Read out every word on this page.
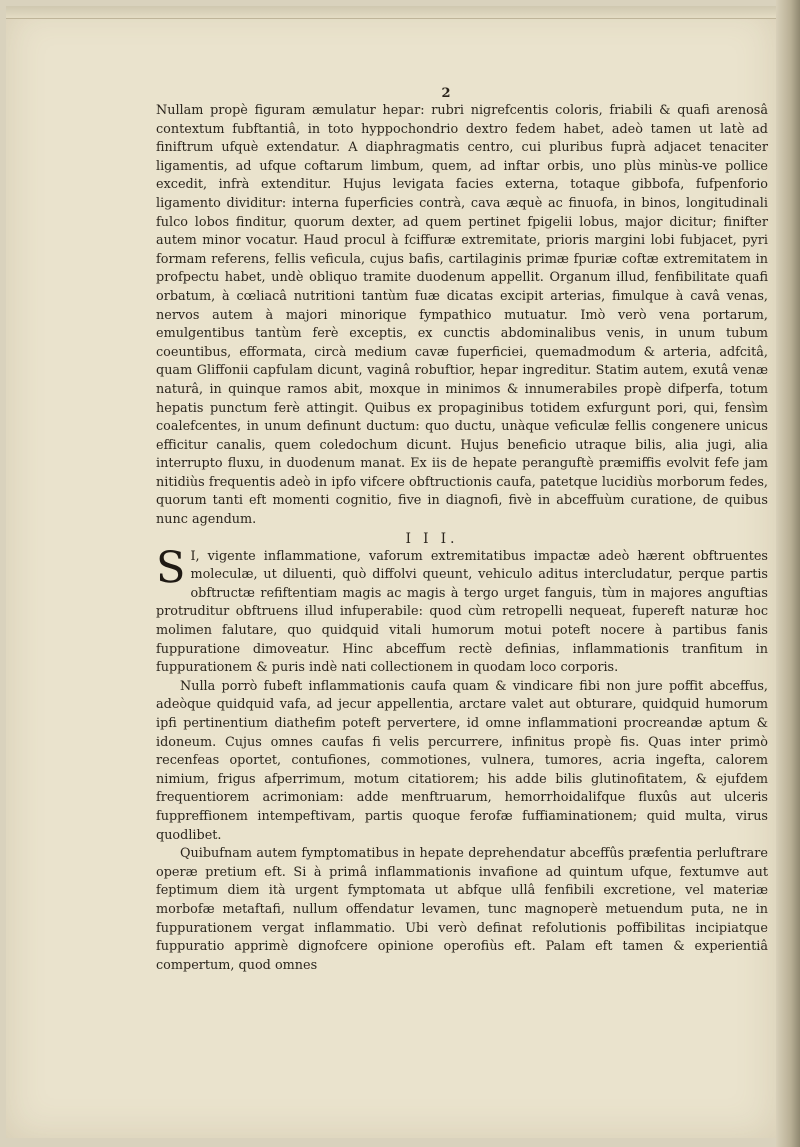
2

Nullam propè figuram æmulatur hepar: rubri nigrefcentis coloris, friabili & quafi arenosâ contextum fubftantiâ, in toto hyppochondrio dextro fedem habet, adeò tamen ut latè ad finiftrum ufquè extendatur. A diaphragmatis centro, cui pluribus fuprà adjacet tenaciter ligamentis, ad ufque coftarum limbum, quem, ad inftar orbis, uno plùs minùs-ve pollice excedit, infrà extenditur. Hujus levigata facies externa, totaque gibbofa, fufpenforio ligamento dividitur: interna fuperficies contrà, cava æquè ac finuofa, in binos, longitudinali fulco lobos finditur, quorum dexter, ad quem pertinet fpigelii lobus, major dicitur; finifter autem minor vocatur. Haud procul à fciffuræ extremitate, prioris margini lobi fubjacet, pyri formam referens, fellis veficula, cujus bafis, cartilaginis primæ fpuriæ coftæ extremitatem in profpectu habet, undè obliquo tramite duodenum appellit. Organum illud, fenfibilitate quafi orbatum, à cœliacâ nutritioni tantùm fuæ dicatas excipit arterias, fimulque à cavâ venas, nervos autem à majori minorique fympathico mutuatur. Imò verò vena portarum, emulgentibus tantùm ferè exceptis, ex cunctis abdominalibus venis, in unum tubum coeuntibus, efformata, circà medium cavæ fuperficiei, quemadmodum & arteria, adfcitâ, quam Gliffonii capfulam dicunt, vaginâ robuftior, hepar ingreditur. Statim autem, exutâ venæ naturâ, in quinque ramos abit, moxque in minimos & innumerabiles propè difperfa, totum hepatis punctum ferè attingit. Quibus ex propaginibus totidem exfurgunt pori, qui, fensìm coalefcentes, in unum definunt ductum: quo ductu, unàque veficulæ fellis congenere unicus efficitur canalis, quem coledochum dicunt. Hujus beneficio utraque bilis, alia jugi, alia interrupto fluxu, in duodenum manat. Ex iis de hepate peranguftè præmiffis evolvit fefe jam nitidiùs frequentis adeò in ipfo vifcere obftructionis caufa, patetque lucidiùs morborum fedes, quorum tanti eft momenti cognitio, five in diagnofi, fivè in abceffuùm curatione, de quibus nunc agendum.

I I I.

S I, vigente inflammatione, vaforum extremitatibus impactæ adeò hærent obftruentes moleculæ, ut diluenti, quò diffolvi queunt, vehiculo aditus intercludatur, perque partis obftructæ refiftentiam magis ac magis à tergo urget fanguis, tùm in majores anguftias protruditur obftruens illud infuperabile: quod cùm retropelli nequeat, fupereft naturæ hoc molimen falutare, quo quidquid vitali humorum motui poteft nocere à partibus fanis fuppuratione dimoveatur. Hinc abceffum rectè definias, inflammationis tranfitum in fuppurationem & puris indè nati collectionem in quodam loco corporis.

Nulla porrò fubeft inflammationis caufa quam & vindicare fibi non jure poffit abceffus, adeòque quidquid vafa, ad jecur appellentia, arctare valet aut obturare, quidquid humorum ipfi pertinentium diathefim poteft pervertere, id omne inflammationi procreandæ aptum & idoneum. Cujus omnes caufas fi velis percurrere, infinitus propè fis. Quas inter primò recenfeas oportet, contufiones, commotiones, vulnera, tumores, acria ingefta, calorem nimium, frigus afperrimum, motum citatiorem; his adde bilis glutinofitatem, & ejufdem frequentiorem acrimoniam: adde menftruarum, hemorrhoidalifque fluxûs aut ulceris fuppreffionem intempeftivam, partis quoque ferofæ fuffiaminationem; quid multa, virus quodlibet.

Quibufnam autem fymptomatibus in hepate deprehendatur abceffûs præfentia perluftrare operæ pretium eft. Si à primâ inflammationis invafione ad quintum ufque, fextumve aut feptimum diem ità urgent fymptomata ut abfque ullâ fenfibili excretione, vel materiæ morbofæ metaftafi, nullum offendatur levamen, tunc magnoperè metuendum puta, ne in fuppurationem vergat inflammatio. Ubi verò definat refolutionis poffibilitas incipiatque fuppuratio apprimè dignofcere opinione operofiùs eft. Palam eft tamen & experientiâ compertum, quod omnes
